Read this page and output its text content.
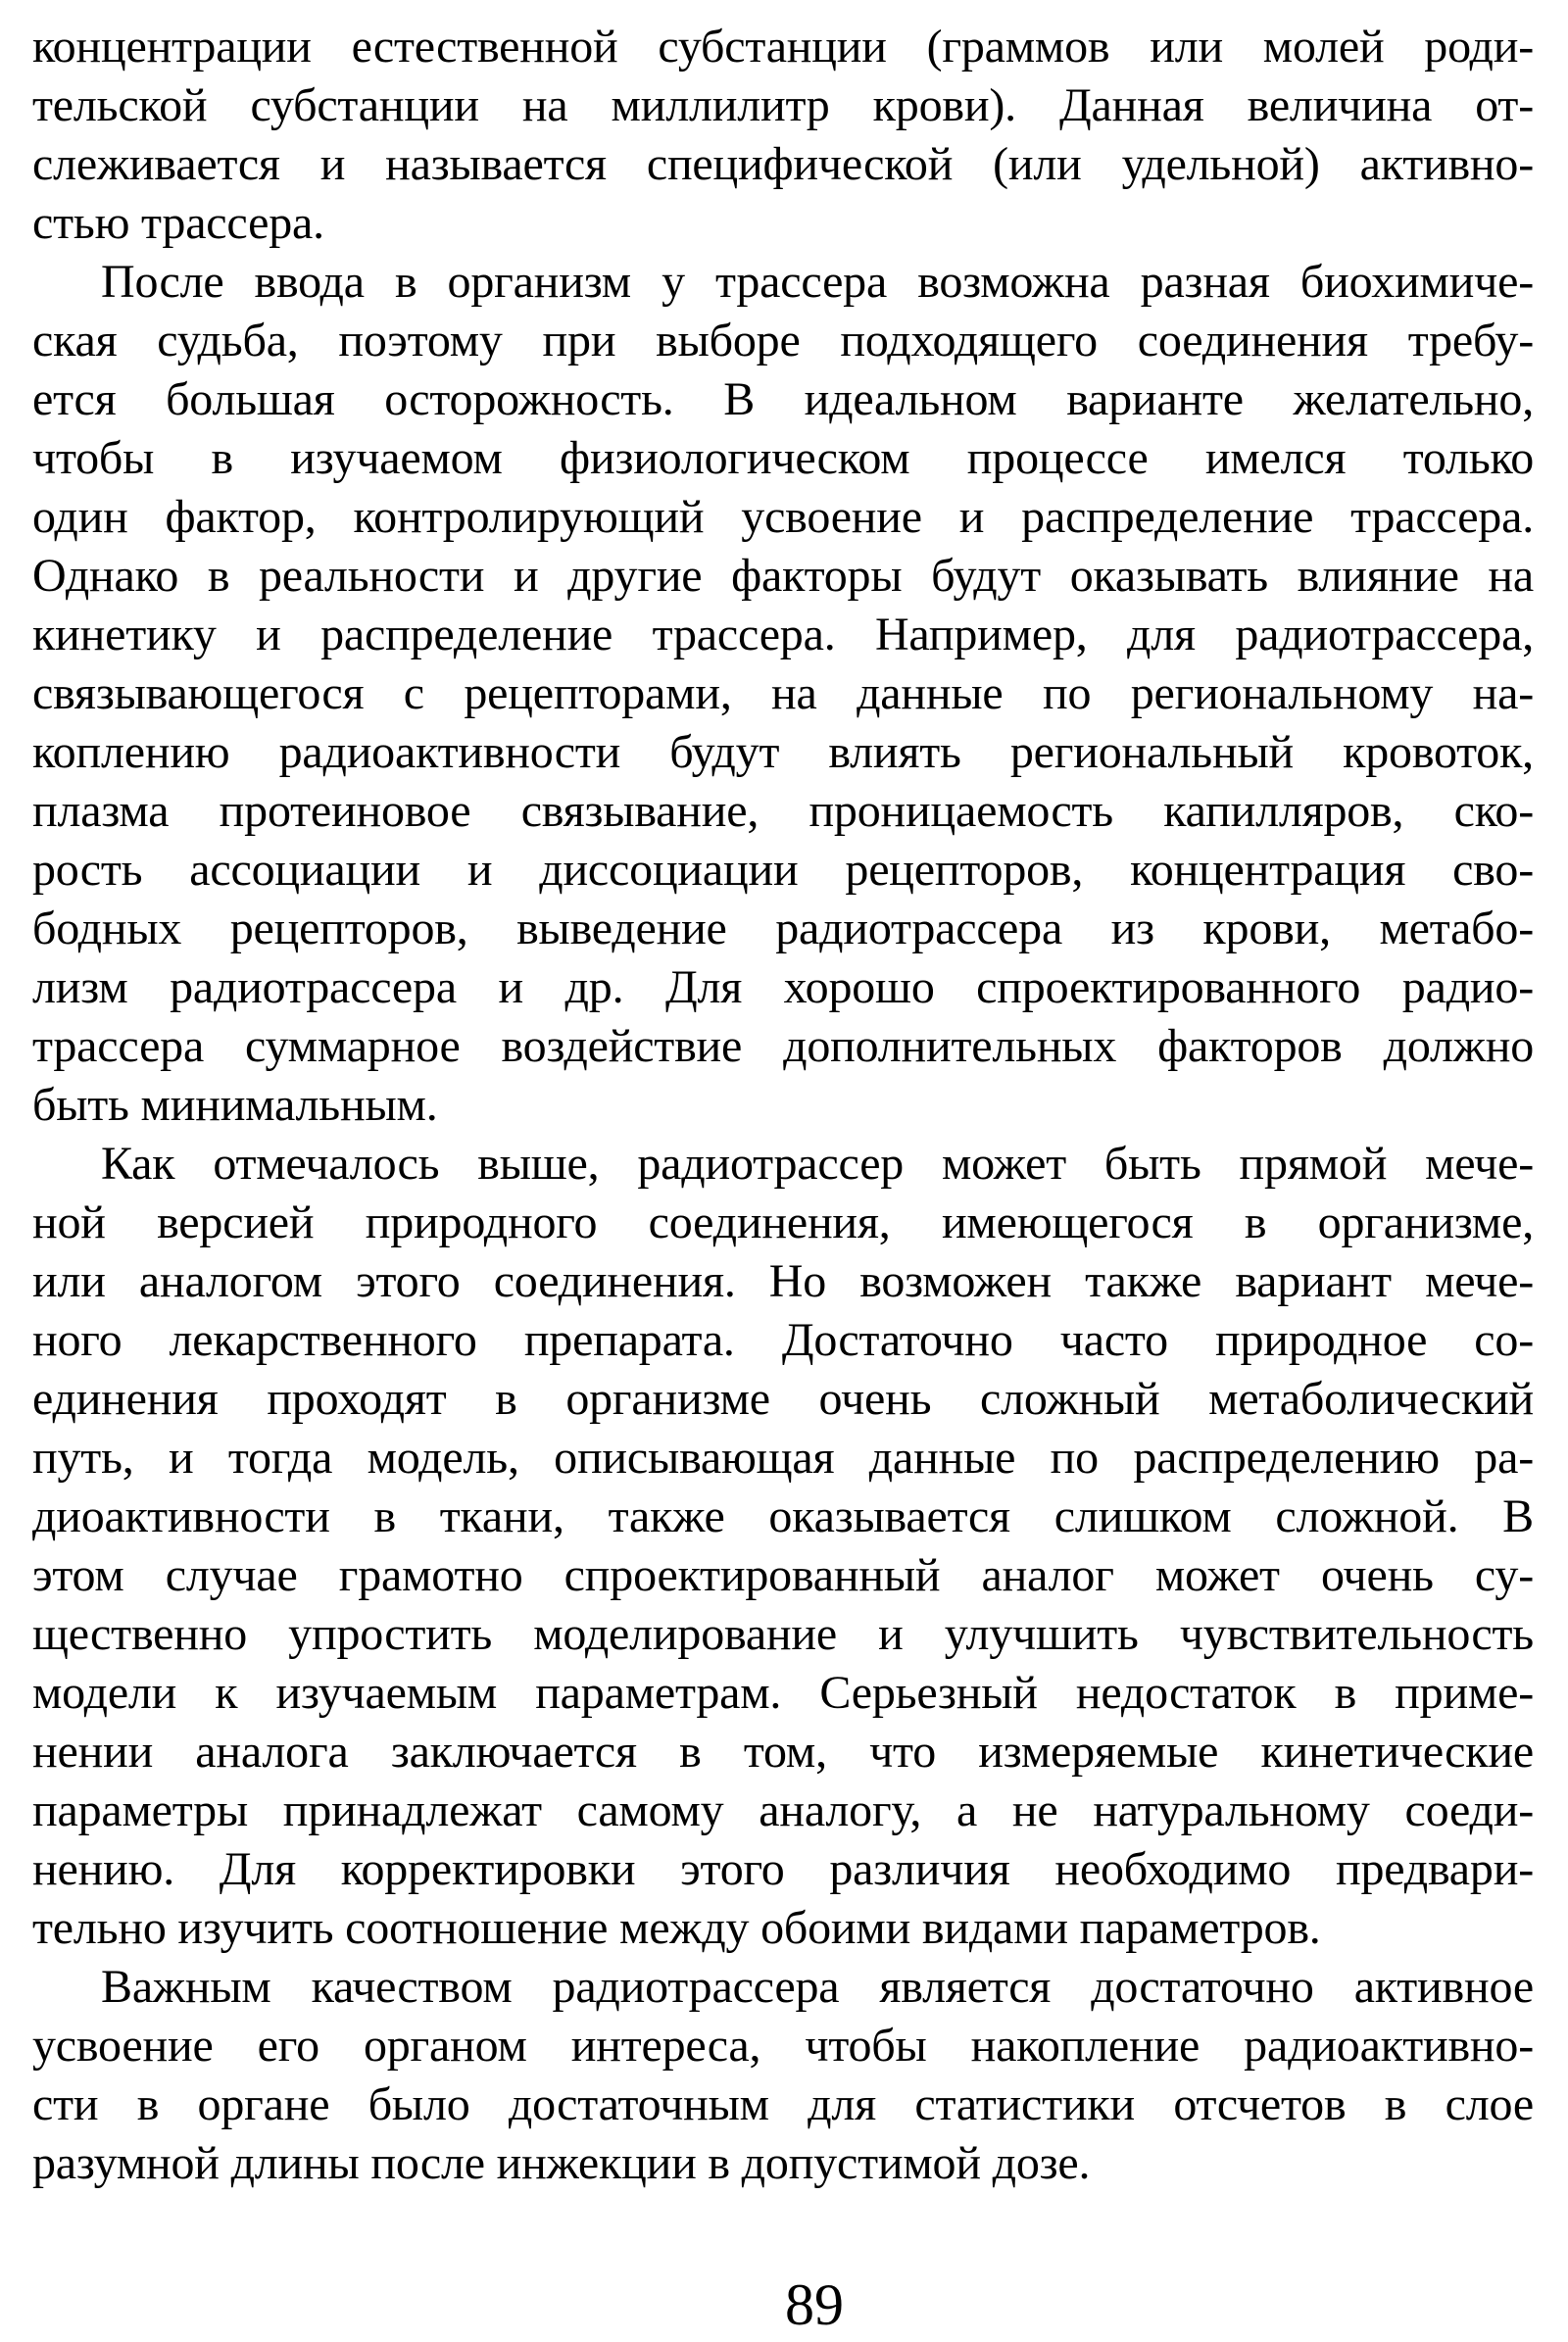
концентрации естественной субстанции (граммов или молей роди-
тельской субстанции на миллилитр крови). Данная величина от-
слеживается и называется специфической (или удельной) активно-
стью трассера.
После ввода в организм у трассера возможна разная биохимиче-
ская судьба, поэтому при выборе подходящего соединения требу-
ется большая осторожность. В идеальном варианте желательно,
чтобы в изучаемом физиологическом процессе имелся только
один фактор, контролирующий усвоение и распределение трассера.
Однако в реальности и другие факторы будут оказывать влияние на
кинетику и распределение трассера. Например, для радиотрассера,
связывающегося с рецепторами, на данные по региональному на-
коплению радиоактивности будут влиять региональный кровоток,
плазма протеиновое связывание, проницаемость капилляров, ско-
рость ассоциации и диссоциации рецепторов, концентрация сво-
бодных рецепторов, выведение радиотрассера из крови, метабо-
лизм радиотрассера и др. Для хорошо спроектированного радио-
трассера суммарное воздействие дополнительных факторов должно
быть минимальным.
Как отмечалось выше, радиотрассер может быть прямой мече-
ной версией природного соединения, имеющегося в организме,
или аналогом этого соединения. Но возможен также вариант мече-
ного лекарственного препарата. Достаточно часто природное со-
единения проходят в организме очень сложный метаболический
путь, и тогда модель, описывающая данные по распределению ра-
диоактивности в ткани, также оказывается слишком сложной. В
этом случае грамотно спроектированный аналог может очень су-
щественно упростить моделирование и улучшить чувствительность
модели к изучаемым параметрам. Серьезный недостаток в приме-
нении аналога заключается в том, что измеряемые кинетические
параметры принадлежат самому аналогу, а не натуральному соеди-
нению. Для корректировки этого различия необходимо предвари-
тельно изучить соотношение между обоими видами параметров.
Важным качеством радиотрассера является достаточно активное
усвоение его органом интереса, чтобы накопление радиоактивно-
сти в органе было достаточным для статистики отсчетов в слое
разумной длины после инжекции в допустимой дозе.
89
